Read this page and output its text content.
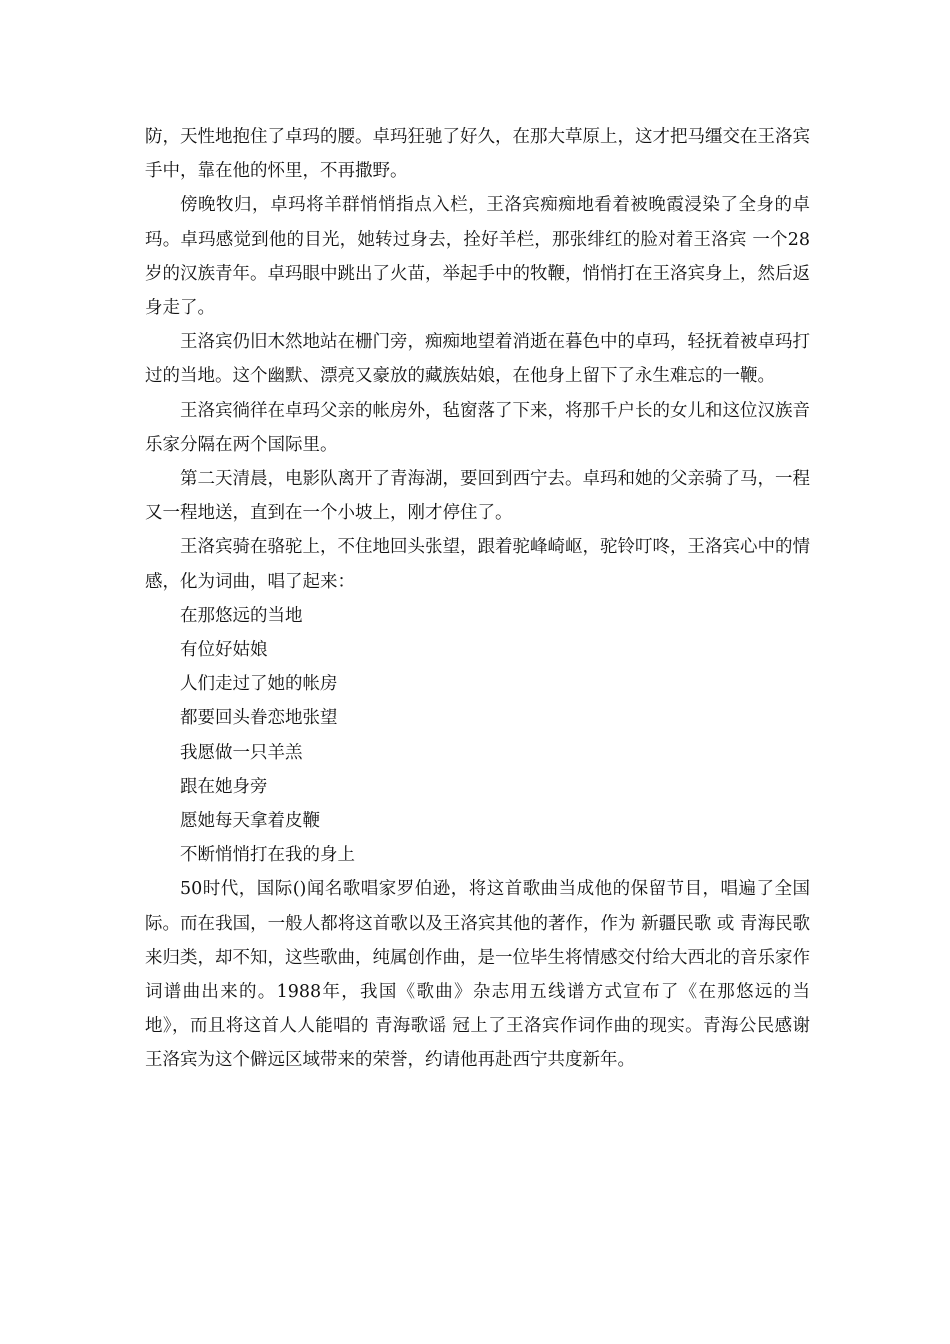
防，天性地抱住了卓玛的腰。卓玛狂驰了好久，在那大草原上，这才把马缰交在王洛宾手中，靠在他的怀里，不再撒野。

傍晚牧归，卓玛将羊群悄悄指点入栏，王洛宾痴痴地看着被晚霞浸染了全身的卓玛。卓玛感觉到他的目光，她转过身去，拴好羊栏，那张绯红的脸对着王洛宾 一个28岁的汉族青年。卓玛眼中跳出了火苗，举起手中的牧鞭，悄悄打在王洛宾身上，然后返身走了。

王洛宾仍旧木然地站在栅门旁，痴痴地望着消逝在暮色中的卓玛，轻抚着被卓玛打过的当地。这个幽默、漂亮又豪放的藏族姑娘，在他身上留下了永生难忘的一鞭。

王洛宾徜徉在卓玛父亲的帐房外，毡窗落了下来，将那千户长的女儿和这位汉族音乐家分隔在两个国际里。

第二天清晨，电影队离开了青海湖，要回到西宁去。卓玛和她的父亲骑了马，一程又一程地送，直到在一个小坡上，刚才停住了。

王洛宾骑在骆驼上，不住地回头张望，跟着驼峰崎岖，驼铃叮咚，王洛宾心中的情感，化为词曲，唱了起来：

在那悠远的当地

有位好姑娘

人们走过了她的帐房

都要回头眷恋地张望

我愿做一只羊羔

跟在她身旁

愿她每天拿着皮鞭

不断悄悄打在我的身上

50时代，国际()闻名歌唱家罗伯逊，将这首歌曲当成他的保留节目，唱遍了全国际。而在我国，一般人都将这首歌以及王洛宾其他的著作，作为 新疆民歌 或 青海民歌 来归类，却不知，这些歌曲，纯属创作曲，是一位毕生将情感交付给大西北的音乐家作词谱曲出来的。1988年，我国《歌曲》杂志用五线谱方式宣布了《在那悠远的当地》，而且将这首人人能唱的 青海歌谣 冠上了王洛宾作词作曲的现实。青海公民感谢王洛宾为这个僻远区域带来的荣誉，约请他再赴西宁共度新年。
